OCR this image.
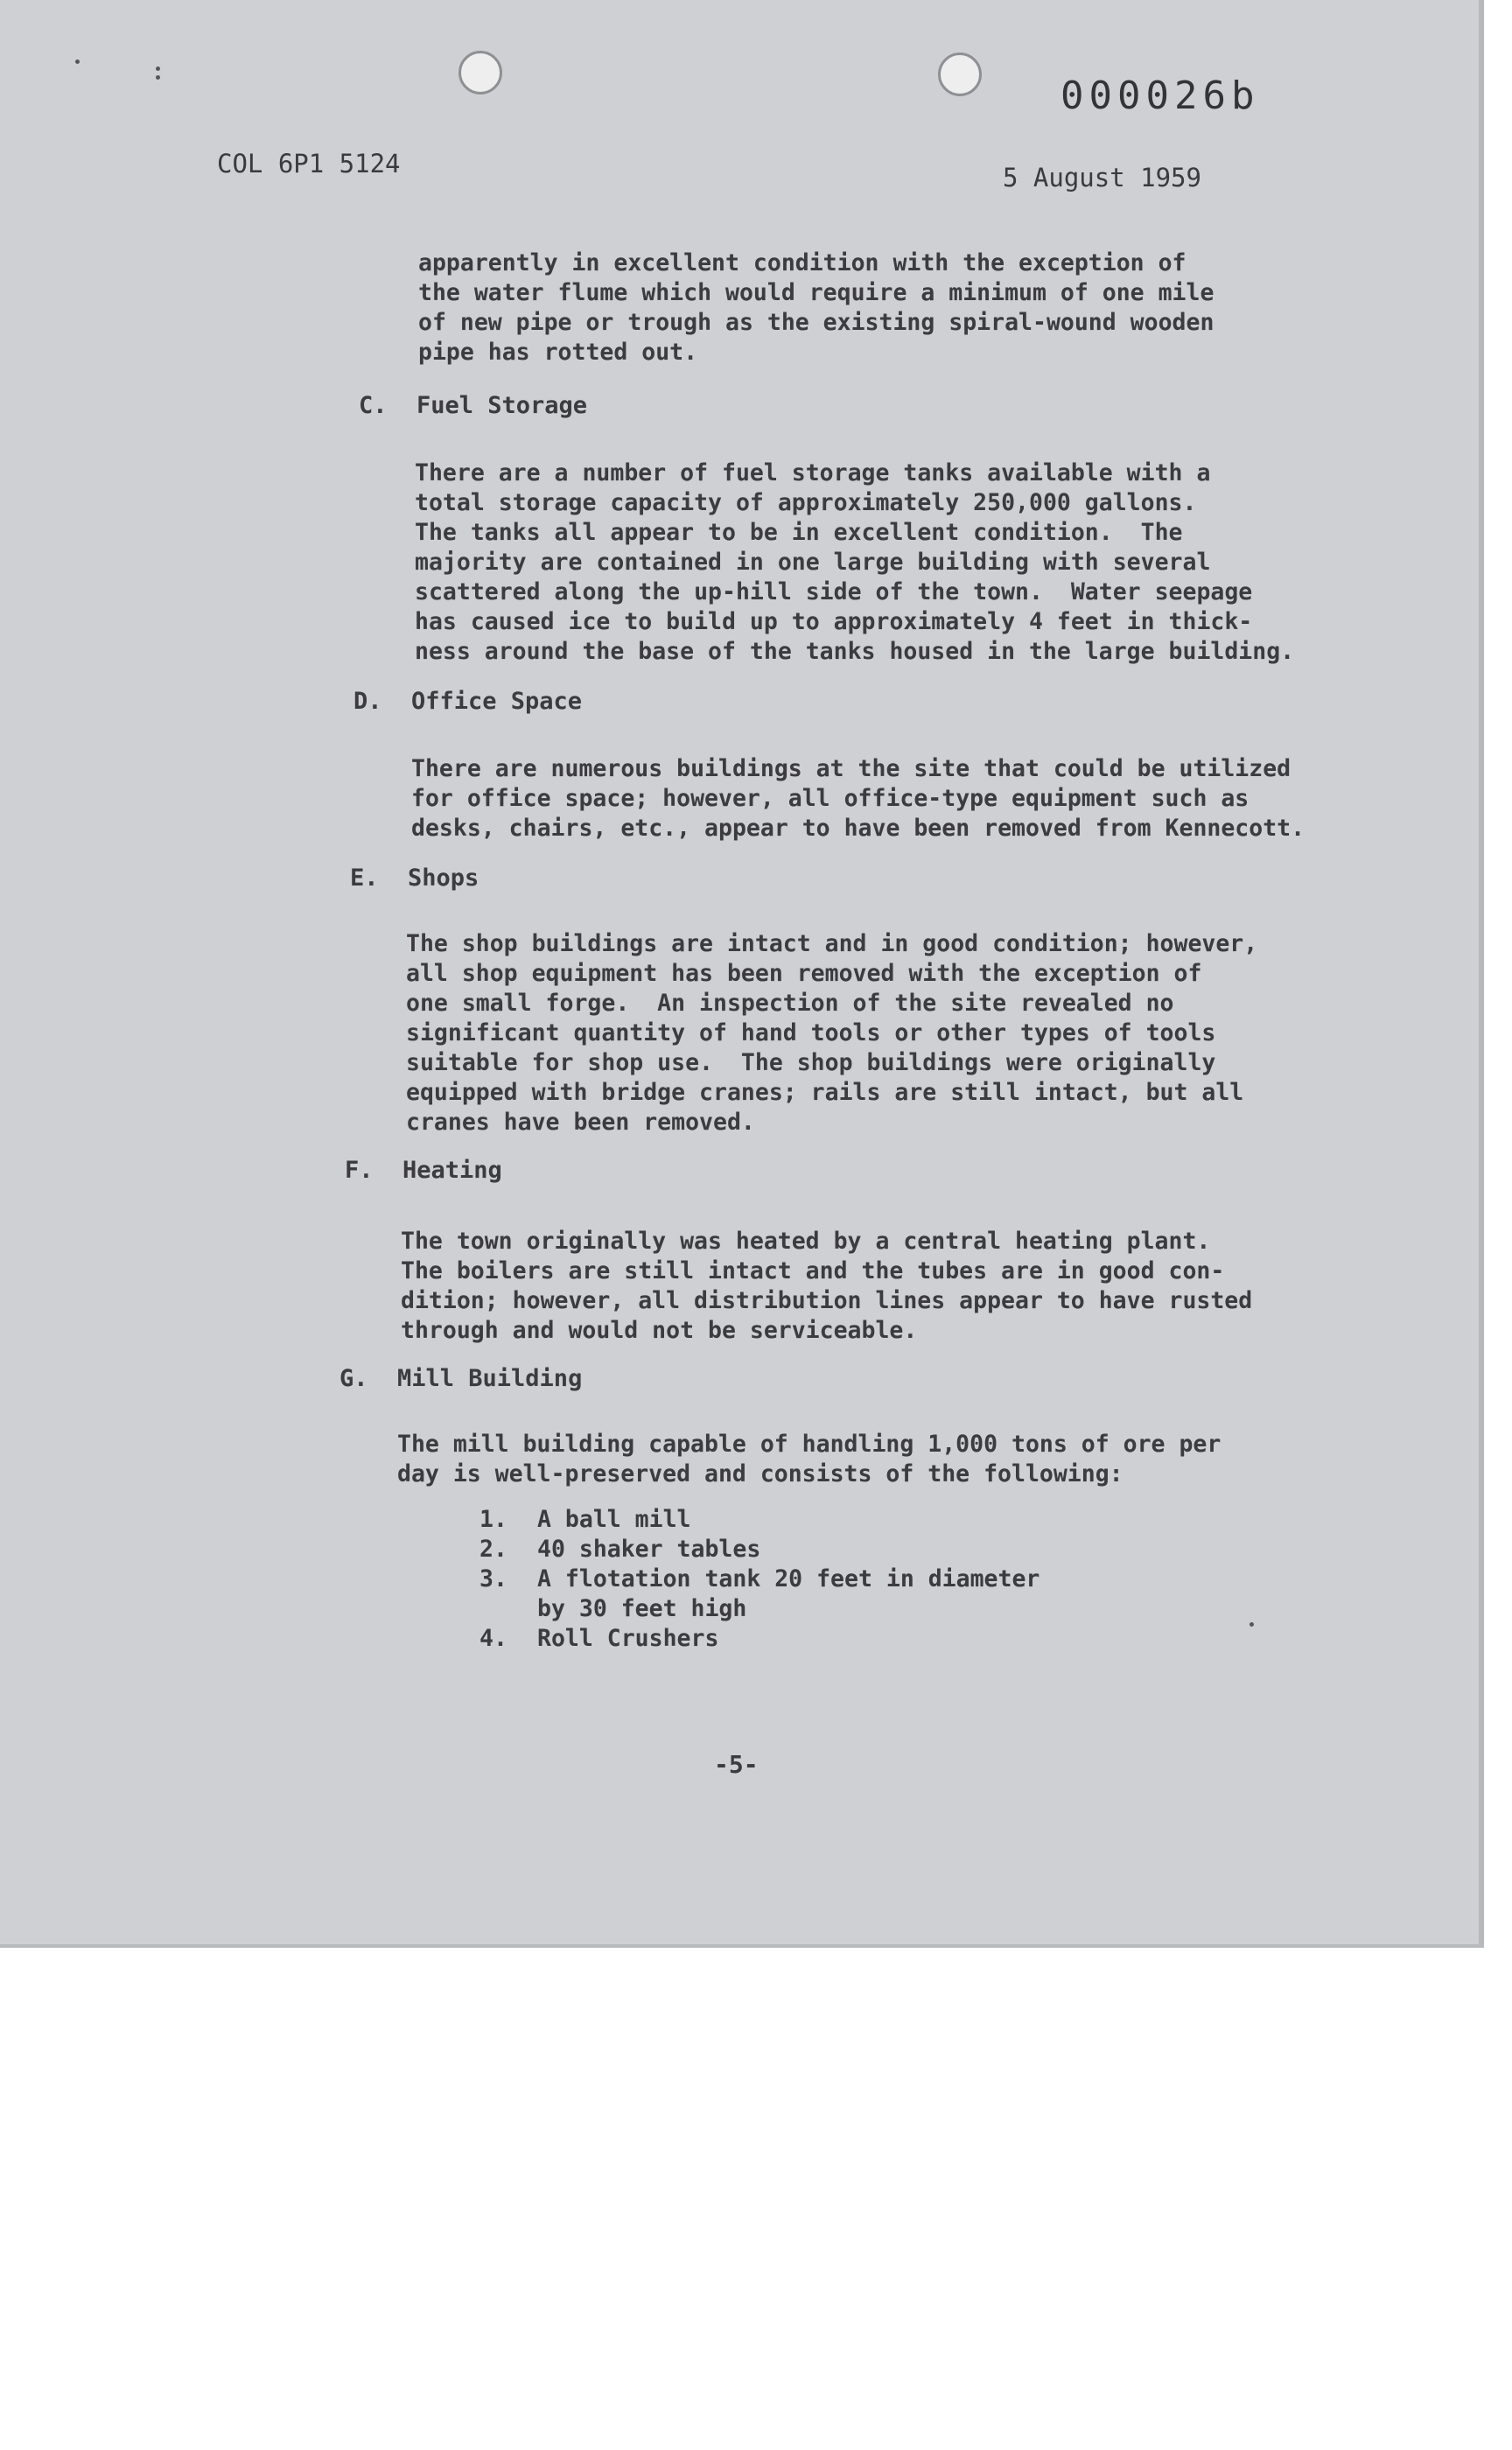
000026b
COL 6P1 5124	5 August 1959

apparently in excellent condition with the exception of
the water flume which would require a minimum of one mile
of new pipe or trough as the existing spiral-wound wooden
pipe has rotted out.

C. Fuel Storage

There are a number of fuel storage tanks available with a
total storage capacity of approximately 250,000 gallons.
The tanks all appear to be in excellent condition.  The
majority are contained in one large building with several
scattered along the up-hill side of the town.  Water seepage
has caused ice to build up to approximately 4 feet in thick-
ness around the base of the tanks housed in the large building.

D. Office Space

There are numerous buildings at the site that could be utilized
for office space; however, all office-type equipment such as
desks, chairs, etc., appear to have been removed from Kennecott.

E. Shops

The shop buildings are intact and in good condition; however,
all shop equipment has been removed with the exception of
one small forge.  An inspection of the site revealed no
significant quantity of hand tools or other types of tools
suitable for shop use.  The shop buildings were originally
equipped with bridge cranes; rails are still intact, but all
cranes have been removed.

F. Heating

The town originally was heated by a central heating plant.
The boilers are still intact and the tubes are in good con-
dition; however, all distribution lines appear to have rusted
through and would not be serviceable.

G. Mill Building

The mill building capable of handling 1,000 tons of ore per
day is well-preserved and consists of the following:

1.	A ball mill
2.	40 shaker tables
3.	A flotation tank 20 feet in diameter
by 30 feet high
4.	Roll Crushers
-5-
